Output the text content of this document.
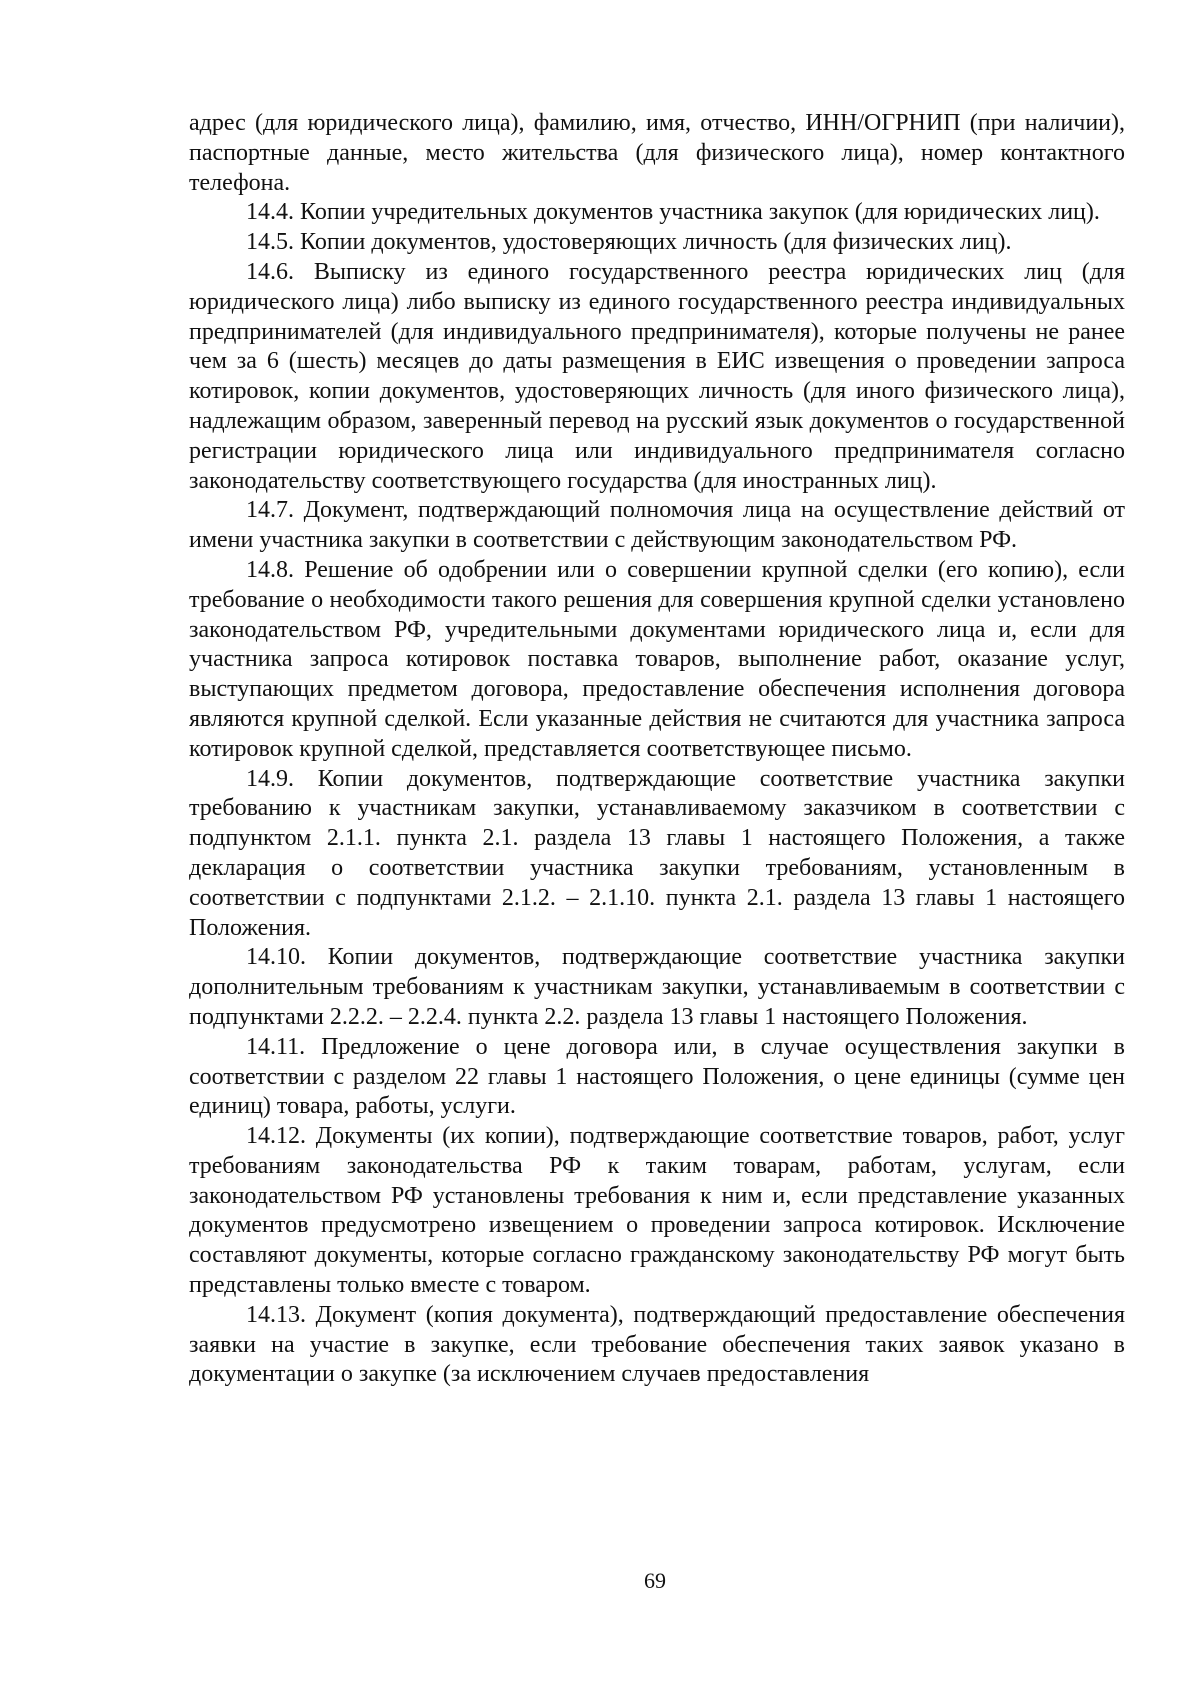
адрес (для юридического лица), фамилию, имя, отчество, ИНН/ОГРНИП (при наличии), паспортные данные, место жительства (для физического лица), номер контактного телефона.

14.4. Копии учредительных документов участника закупок (для юридических лиц).

14.5. Копии документов, удостоверяющих личность (для физических лиц).

14.6. Выписку из единого государственного реестра юридических лиц (для юридического лица) либо выписку из единого государственного реестра индивидуальных предпринимателей (для индивидуального предпринимателя), которые получены не ранее чем за 6 (шесть) месяцев до даты размещения в ЕИС извещения о проведении запроса котировок, копии документов, удостоверяющих личность (для иного физического лица), надлежащим образом, заверенный перевод на русский язык документов о государственной регистрации юридического лица или индивидуального предпринимателя согласно законодательству соответствующего государства (для иностранных лиц).

14.7. Документ, подтверждающий полномочия лица на осуществление действий от имени участника закупки в соответствии с действующим законодательством РФ.

14.8. Решение об одобрении или о совершении крупной сделки (его копию), если требование о необходимости такого решения для совершения крупной сделки установлено законодательством РФ, учредительными документами юридического лица и, если для участника запроса котировок поставка товаров, выполнение работ, оказание услуг, выступающих предметом договора, предоставление обеспечения исполнения договора являются крупной сделкой. Если указанные действия не считаются для участника запроса котировок крупной сделкой, представляется соответствующее письмо.

14.9. Копии документов, подтверждающие соответствие участника закупки требованию к участникам закупки, устанавливаемому заказчиком в соответствии с подпунктом 2.1.1. пункта 2.1. раздела 13 главы 1 настоящего Положения, а также декларация о соответствии участника закупки требованиям, установленным в соответствии с подпунктами 2.1.2. – 2.1.10. пункта 2.1. раздела 13 главы 1 настоящего Положения.

14.10. Копии документов, подтверждающие соответствие участника закупки дополнительным требованиям к участникам закупки, устанавливаемым в соответствии с подпунктами 2.2.2. – 2.2.4. пункта 2.2. раздела 13 главы 1 настоящего Положения.

14.11. Предложение о цене договора или, в случае осуществления закупки в соответствии с разделом 22 главы 1 настоящего Положения, о цене единицы (сумме цен единиц) товара, работы, услуги.

14.12. Документы (их копии), подтверждающие соответствие товаров, работ, услуг требованиям законодательства РФ к таким товарам, работам, услугам, если законодательством РФ установлены требования к ним и, если представление указанных документов предусмотрено извещением о проведении запроса котировок. Исключение составляют документы, которые согласно гражданскому законодательству РФ могут быть представлены только вместе с товаром.

14.13. Документ (копия документа), подтверждающий предоставление обеспечения заявки на участие в закупке, если требование обеспечения таких заявок указано в документации о закупке (за исключением случаев предоставления

69
